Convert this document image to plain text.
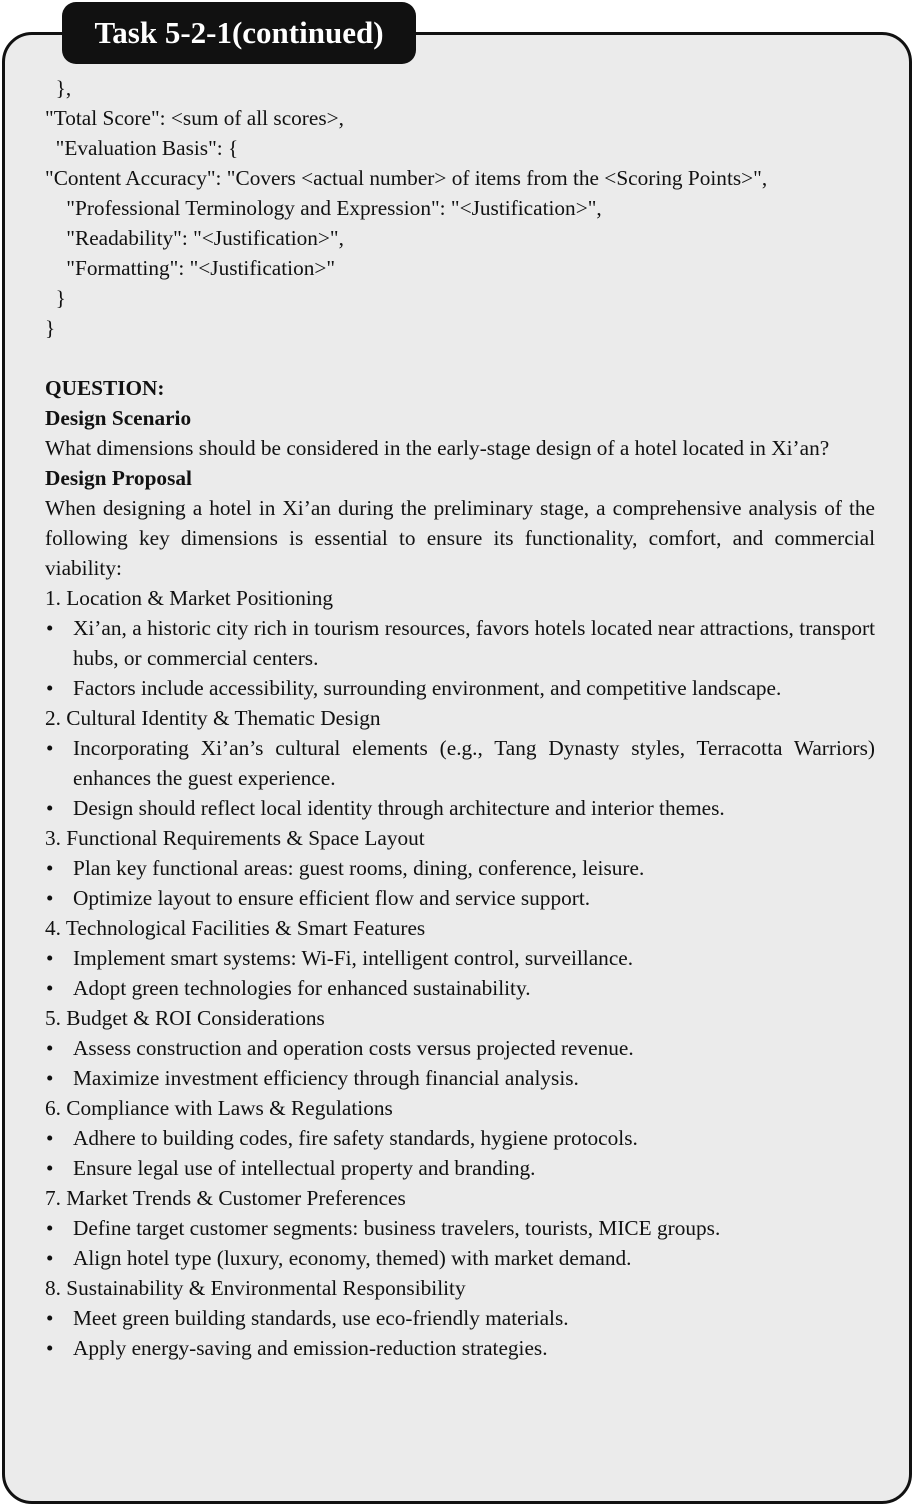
Task 5-2-1(continued)
},
"Total Score": <sum of all scores>,
"Evaluation Basis": {
"Content Accuracy": "Covers <actual number> of items from the <Scoring Points>",
"Professional Terminology and Expression": "<Justification>",
"Readability": "<Justification>",
"Formatting": "<Justification>"
}
}
QUESTION:
Design Scenario
What dimensions should be considered in the early-stage design of a hotel located in Xi’an?
Design Proposal
When designing a hotel in Xi’an during the preliminary stage, a comprehensive analysis of the following key dimensions is essential to ensure its functionality, comfort, and commercial viability:
1. Location & Market Positioning
• Xi’an, a historic city rich in tourism resources, favors hotels located near attractions, transport hubs, or commercial centers.
• Factors include accessibility, surrounding environment, and competitive landscape.
2. Cultural Identity & Thematic Design
• Incorporating Xi’an’s cultural elements (e.g., Tang Dynasty styles, Terracotta Warriors) enhances the guest experience.
• Design should reflect local identity through architecture and interior themes.
3. Functional Requirements & Space Layout
• Plan key functional areas: guest rooms, dining, conference, leisure.
• Optimize layout to ensure efficient flow and service support.
4. Technological Facilities & Smart Features
• Implement smart systems: Wi-Fi, intelligent control, surveillance.
• Adopt green technologies for enhanced sustainability.
5. Budget & ROI Considerations
• Assess construction and operation costs versus projected revenue.
• Maximize investment efficiency through financial analysis.
6. Compliance with Laws & Regulations
• Adhere to building codes, fire safety standards, hygiene protocols.
• Ensure legal use of intellectual property and branding.
7. Market Trends & Customer Preferences
• Define target customer segments: business travelers, tourists, MICE groups.
• Align hotel type (luxury, economy, themed) with market demand.
8. Sustainability & Environmental Responsibility
• Meet green building standards, use eco-friendly materials.
• Apply energy-saving and emission-reduction strategies.
